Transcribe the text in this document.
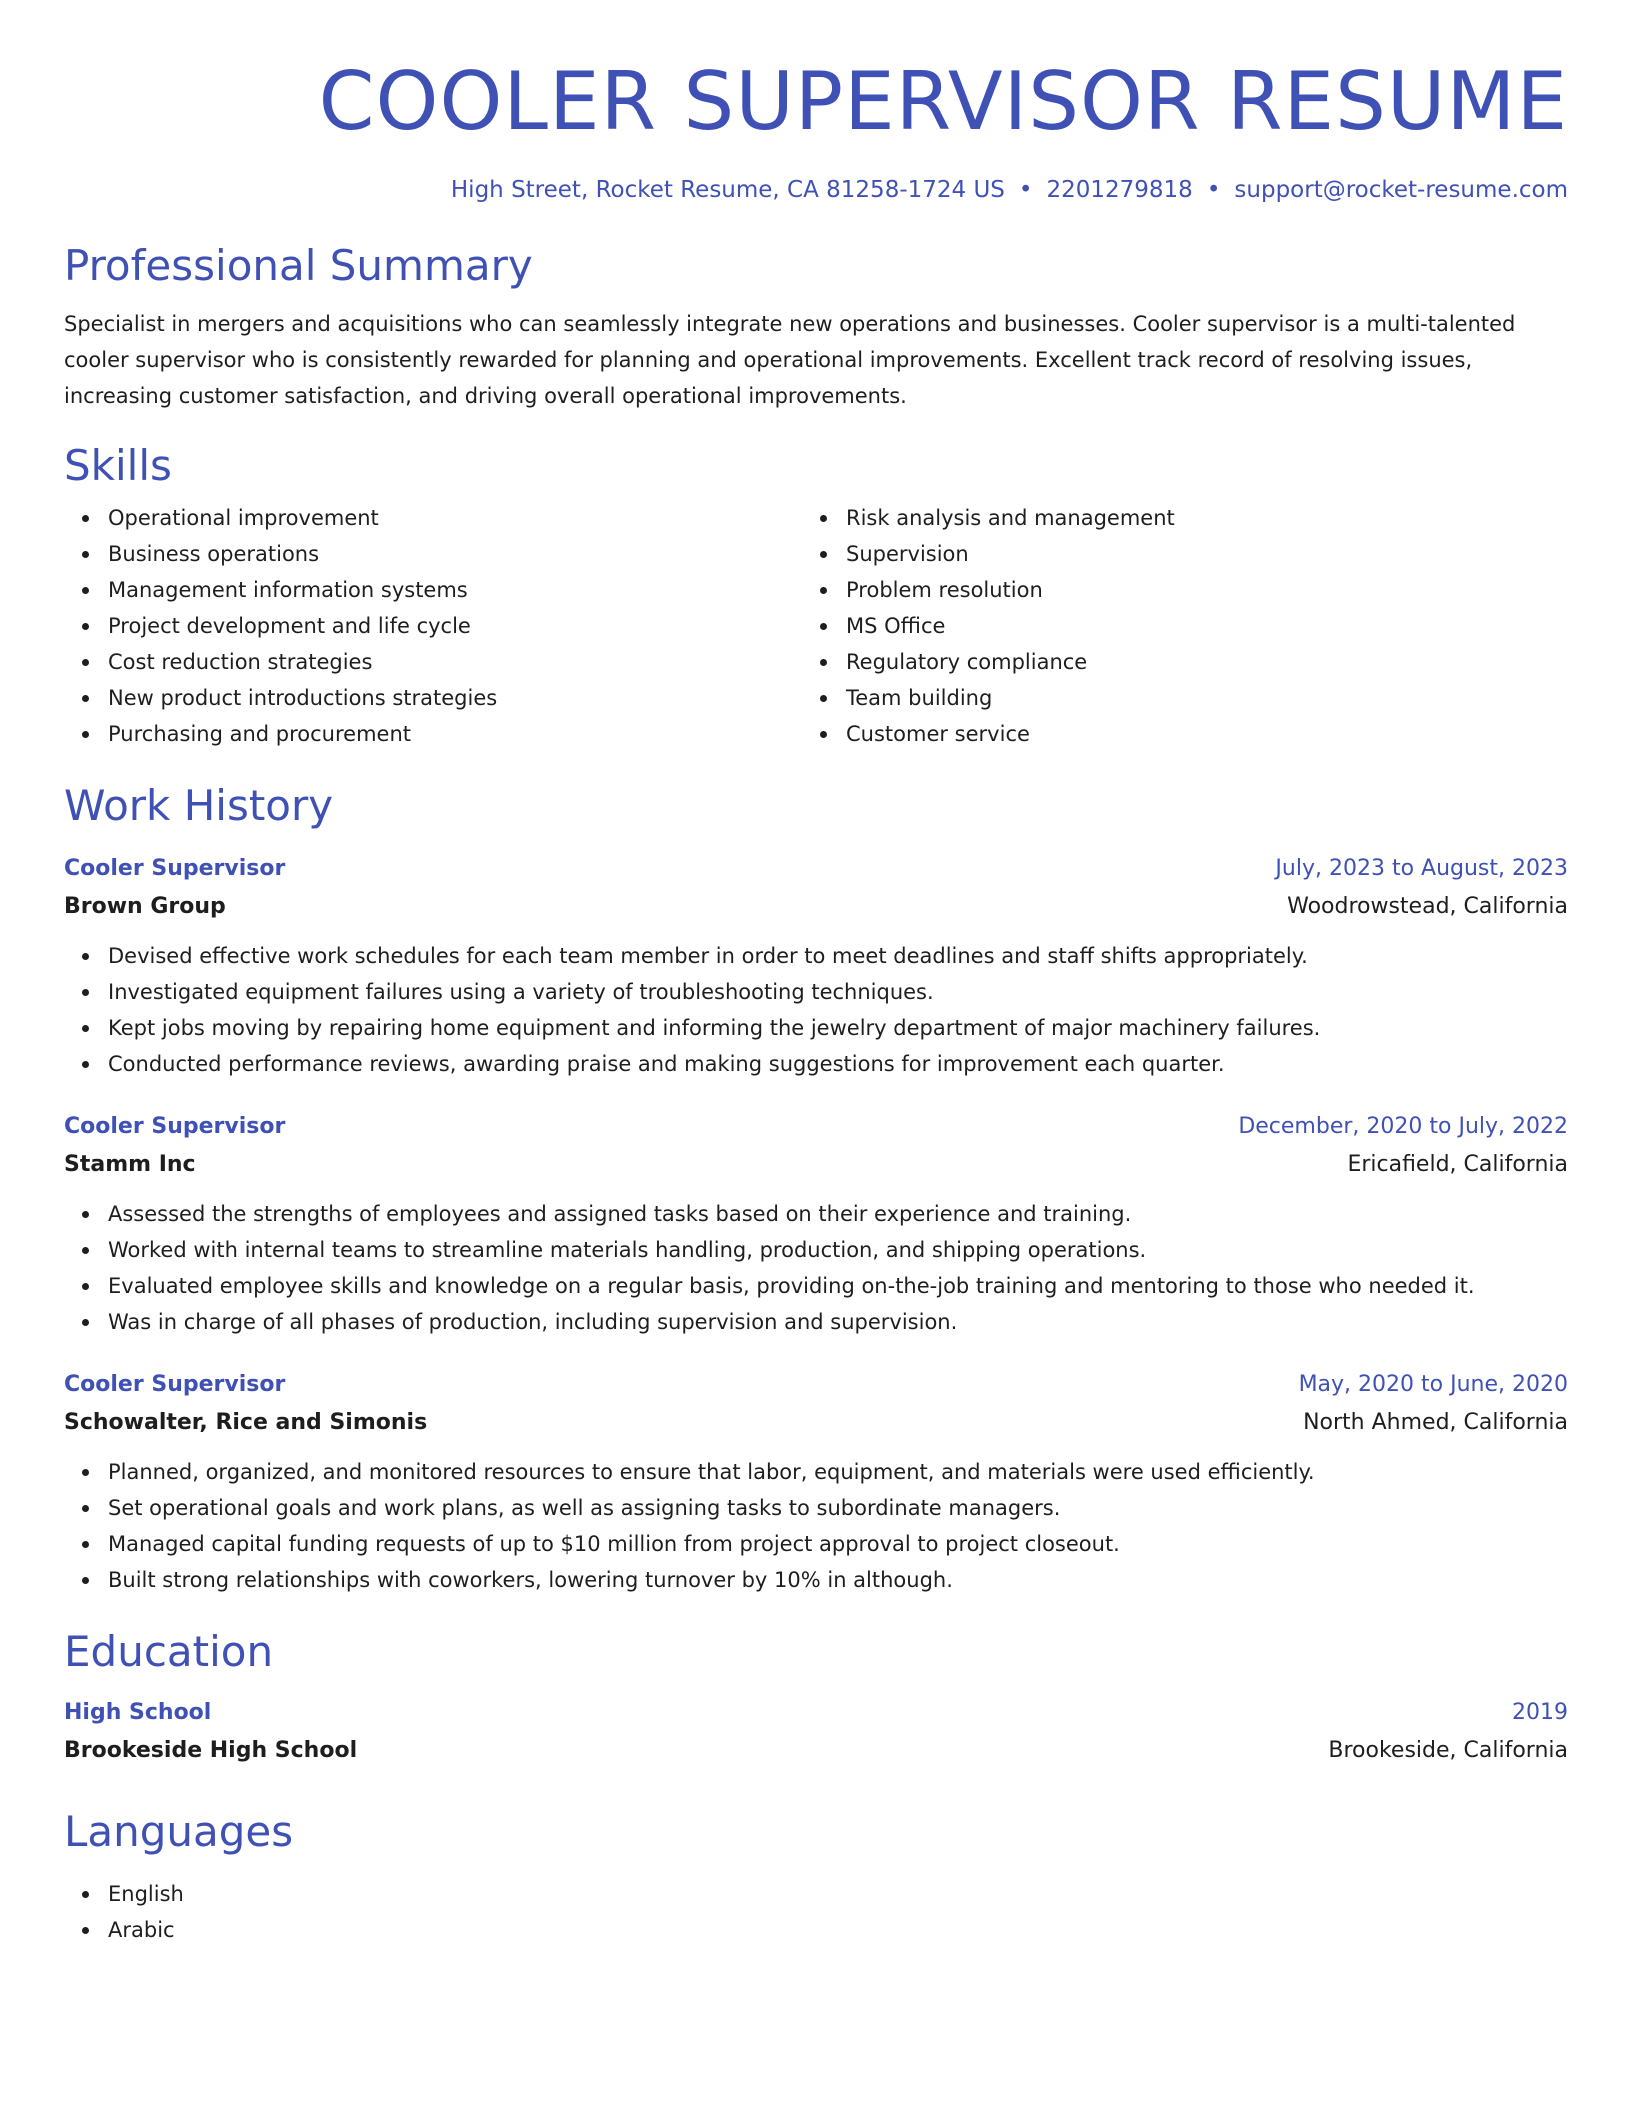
COOLER SUPERVISOR RESUME
High Street, Rocket Resume, CA 81258-1724 US • 2201279818 • support@rocket-resume.com
Professional Summary

Specialist in mergers and acquisitions who can seamlessly integrate new operations and businesses. Cooler supervisor is a multi-talented cooler supervisor who is consistently rewarded for planning and operational improvements. Excellent track record of resolving issues, increasing customer satisfaction, and driving overall operational improvements.

Skills
Operational improvement
Business operations
Management information systems
Project development and life cycle
Cost reduction strategies
New product introductions strategies
Purchasing and procurement
Risk analysis and management
Supervision
Problem resolution
MS Office
Regulatory compliance
Team building
Customer service
Work History
Cooler Supervisor	July, 2023 to August, 2023
Brown Group	Woodrowstead, California
Devised effective work schedules for each team member in order to meet deadlines and staff shifts appropriately.
Investigated equipment failures using a variety of troubleshooting techniques.
Kept jobs moving by repairing home equipment and informing the jewelry department of major machinery failures.
Conducted performance reviews, awarding praise and making suggestions for improvement each quarter.
Cooler Supervisor	December, 2020 to July, 2022
Stamm Inc	Ericafield, California
Assessed the strengths of employees and assigned tasks based on their experience and training.
Worked with internal teams to streamline materials handling, production, and shipping operations.
Evaluated employee skills and knowledge on a regular basis, providing on-the-job training and mentoring to those who needed it.
Was in charge of all phases of production, including supervision and supervision.
Cooler Supervisor	May, 2020 to June, 2020
Schowalter, Rice and Simonis	North Ahmed, California
Planned, organized, and monitored resources to ensure that labor, equipment, and materials were used efficiently.
Set operational goals and work plans, as well as assigning tasks to subordinate managers.
Managed capital funding requests of up to $10 million from project approval to project closeout.
Built strong relationships with coworkers, lowering turnover by 10% in although.
Education
High School	2019
Brookeside High School	Brookeside, California
Languages
English
Arabic
